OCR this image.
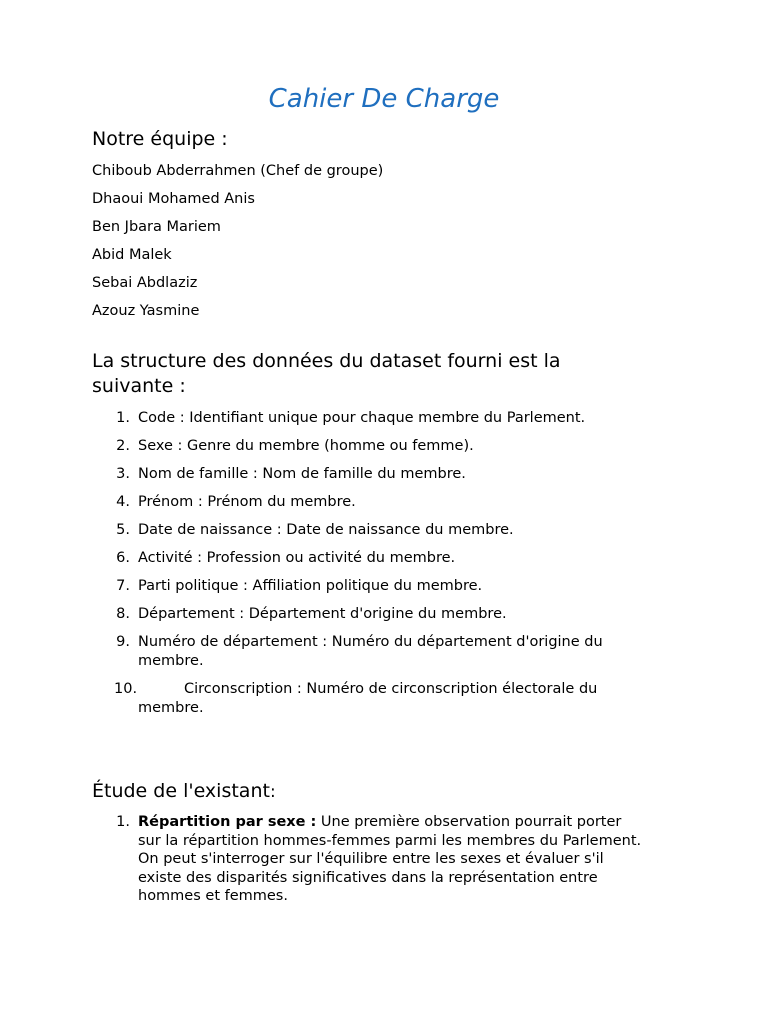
Cahier De Charge
Notre équipe :

Chiboub Abderrahmen (Chef de groupe)

Dhaoui Mohamed Anis

Ben Jbara Mariem

Abid Malek

Sebai Abdlaziz

Azouz Yasmine

La structure des données du dataset fourni est la
suivante :
1. Code : Identifiant unique pour chaque membre du Parlement.
2. Sexe : Genre du membre (homme ou femme).
3. Nom de famille : Nom de famille du membre.
4. Prénom : Prénom du membre.
5. Date de naissance : Date de naissance du membre.
6. Activité : Profession ou activité du membre.
7. Parti politique : Affiliation politique du membre.
8. Département : Département d'origine du membre.
9. Numéro de département : Numéro du département d'origine du
membre.
10.	Circonscription : Numéro de circonscription électorale du
membre.
Étude de l'existant:
1. Répartition par sexe : Une première observation pourrait porter
sur la répartition hommes-femmes parmi les membres du Parlement.
On peut s'interroger sur l'équilibre entre les sexes et évaluer s'il
existe des disparités significatives dans la représentation entre
hommes et femmes.
